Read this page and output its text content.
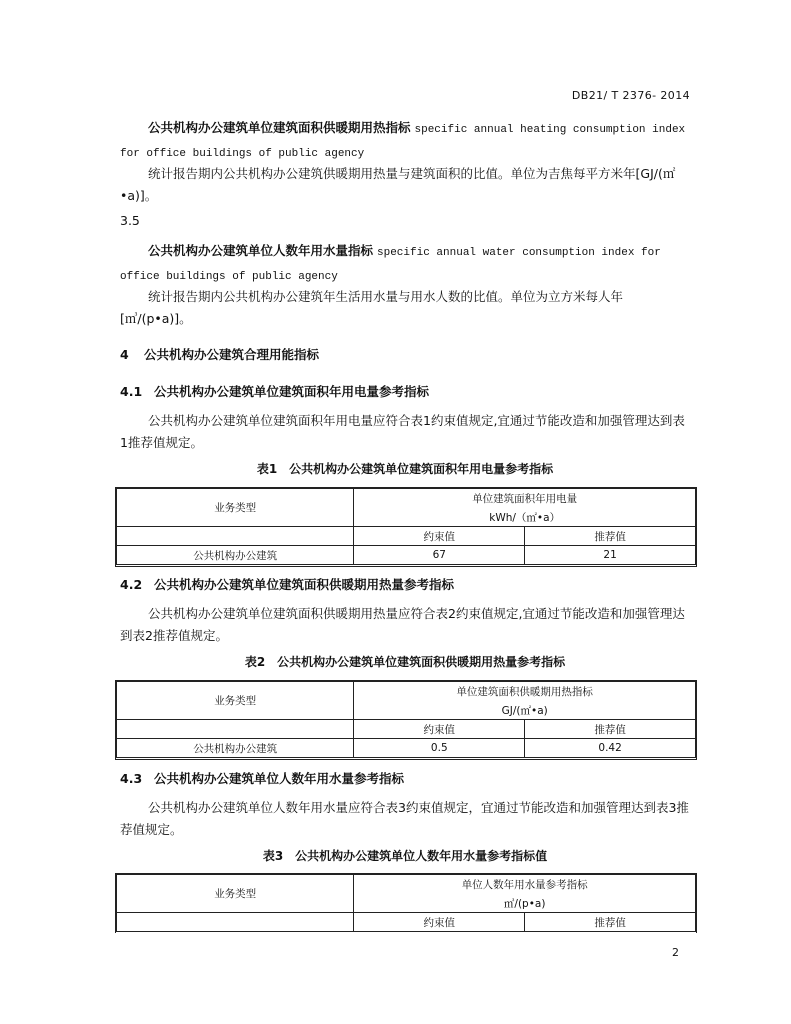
DB21/ T 2376- 2014
公共机构办公建筑单位建筑面积供暖期用热指标 specific annual heating consumption index for office buildings of public agency
统计报告期内公共机构办公建筑供暖期用热量与建筑面积的比值。单位为吉焦每平方米年[GJ/(㎡•a)]。
3.5
公共机构办公建筑单位人数年用水量指标 specific annual water consumption index for office buildings of public agency
统计报告期内公共机构办公建筑年生活用水量与用水人数的比值。单位为立方米每人年[㎥/(p•a)]。
4 公共机构办公建筑合理用能指标
4.1 公共机构办公建筑单位建筑面积年用电量参考指标
公共机构办公建筑单位建筑面积年用电量应符合表1约束值规定,宜通过节能改造和加强管理达到表1推荐值规定。
表1　公共机构办公建筑单位建筑面积年用电量参考指标
业务类型	单位建筑面积年用电量
kWh/（㎡•a）	

	约束值	推荐值
公共机构办公建筑	67	21
4.2 公共机构办公建筑单位建筑面积供暖期用热量参考指标
公共机构办公建筑单位建筑面积供暖期用热量应符合表2约束值规定,宜通过节能改造和加强管理达到表2推荐值规定。
表2　公共机构办公建筑单位建筑面积供暖期用热量参考指标
业务类型	单位建筑面积供暖期用热指标
GJ/(㎡•a)	

	约束值	推荐值
公共机构办公建筑	0.5	0.42
4.3 公共机构办公建筑单位人数年用水量参考指标
公共机构办公建筑单位人数年用水量应符合表3约束值规定，宜通过节能改造和加强管理达到表3推荐值规定。
表3　公共机构办公建筑单位人数年用水量参考指标值
业务类型	单位人数年用水量参考指标
㎥/(p•a)	

	约束值	推荐值
2
